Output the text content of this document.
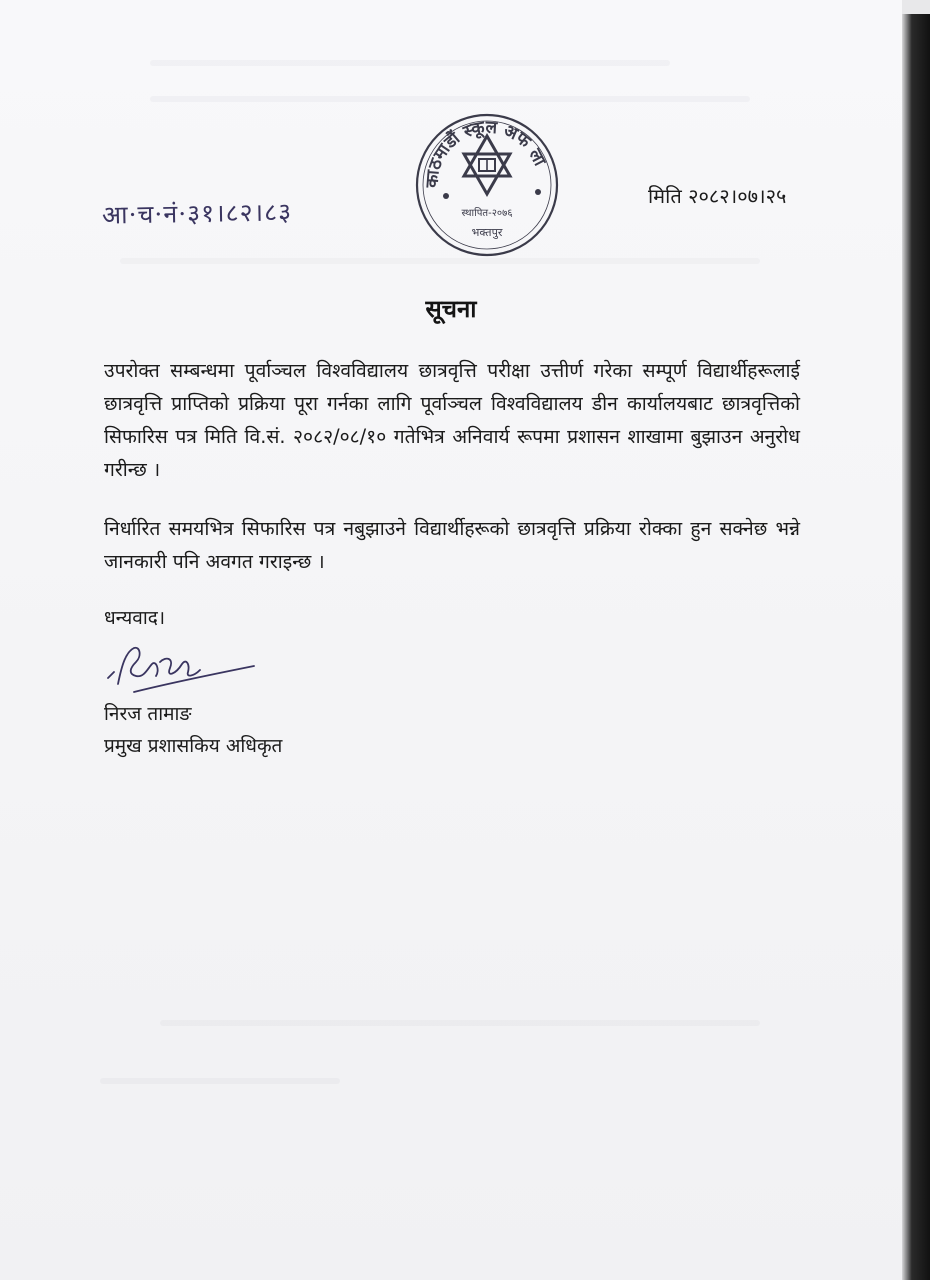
आ·च·नं·३१।८२।८३
काठमाडौं स्कूल अफ ला
स्थापित-२०७६
भक्तपुर
मिति २०८२।०७।२५
सूचना

उपरोक्त सम्बन्धमा पूर्वाञ्चल विश्वविद्यालय छात्रवृत्ति परीक्षा उत्तीर्ण गरेका सम्पूर्ण विद्यार्थीहरूलाई छात्रवृत्ति प्राप्तिको प्रक्रिया पूरा गर्नका लागि पूर्वाञ्चल विश्वविद्यालय डीन कार्यालयबाट छात्रवृत्तिको सिफारिस पत्र मिति वि.सं. २०८२/०८/१० गतेभित्र अनिवार्य रूपमा प्रशासन शाखामा बुझाउन अनुरोध गरीन्छ ।

निर्धारित समयभित्र सिफारिस पत्र नबुझाउने विद्यार्थीहरूको छात्रवृत्ति प्रक्रिया रोक्का हुन सक्नेछ भन्ने जानकारी पनि अवगत गराइन्छ ।

धन्यवाद।
निरज तामाङ
प्रमुख प्रशासकिय अधिकृत
